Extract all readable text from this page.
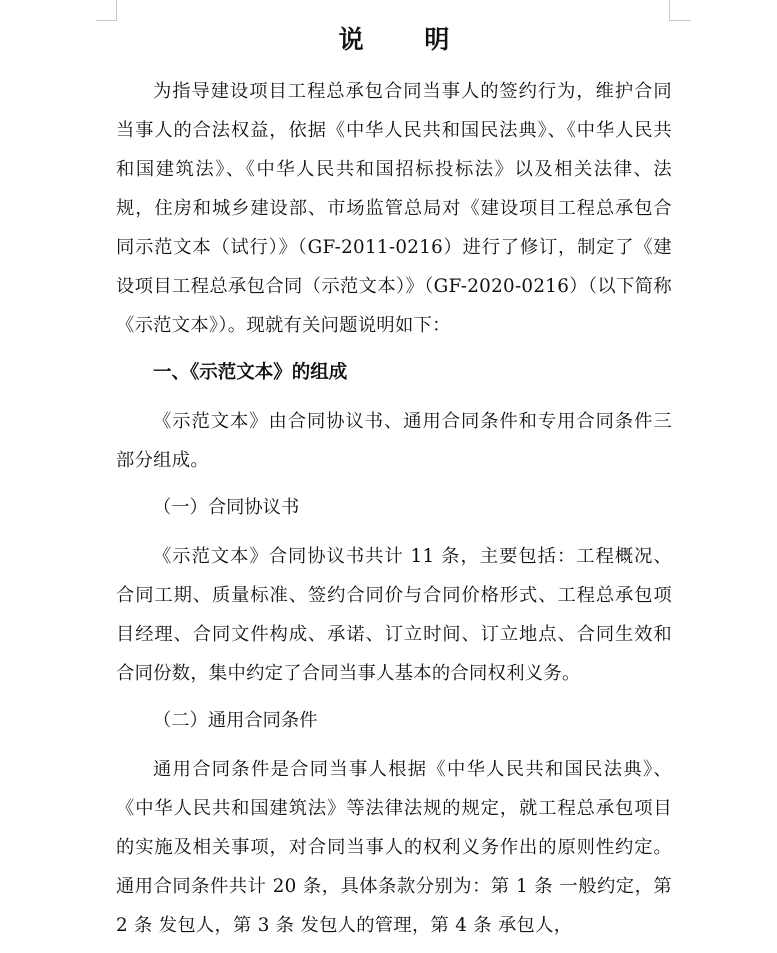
说 明

为指导建设项目工程总承包合同当事人的签约行为，维护合同当事人的合法权益，依据《中华人民共和国民法典》、《中华人民共和国建筑法》、《中华人民共和国招标投标法》以及相关法律、法规，住房和城乡建设部、市场监管总局对《建设项目工程总承包合同示范文本（试行）》（GF-2011-0216）进行了修订，制定了《建设项目工程总承包合同（示范文本）》（GF-2020-0216）（以下简称《示范文本》）。现就有关问题说明如下：

一、《示范文本》的组成

《示范文本》由合同协议书、通用合同条件和专用合同条件三部分组成。

（一）合同协议书

《示范文本》合同协议书共计 11 条，主要包括：工程概况、合同工期、质量标准、签约合同价与合同价格形式、工程总承包项目经理、合同文件构成、承诺、订立时间、订立地点、合同生效和合同份数，集中约定了合同当事人基本的合同权利义务。

（二）通用合同条件

通用合同条件是合同当事人根据《中华人民共和国民法典》、《中华人民共和国建筑法》等法律法规的规定，就工程总承包项目的实施及相关事项，对合同当事人的权利义务作出的原则性约定。通用合同条件共计 20 条，具体条款分别为：第 1 条 一般约定，第 2 条 发包人，第 3 条 发包人的管理，第 4 条 承包人，
